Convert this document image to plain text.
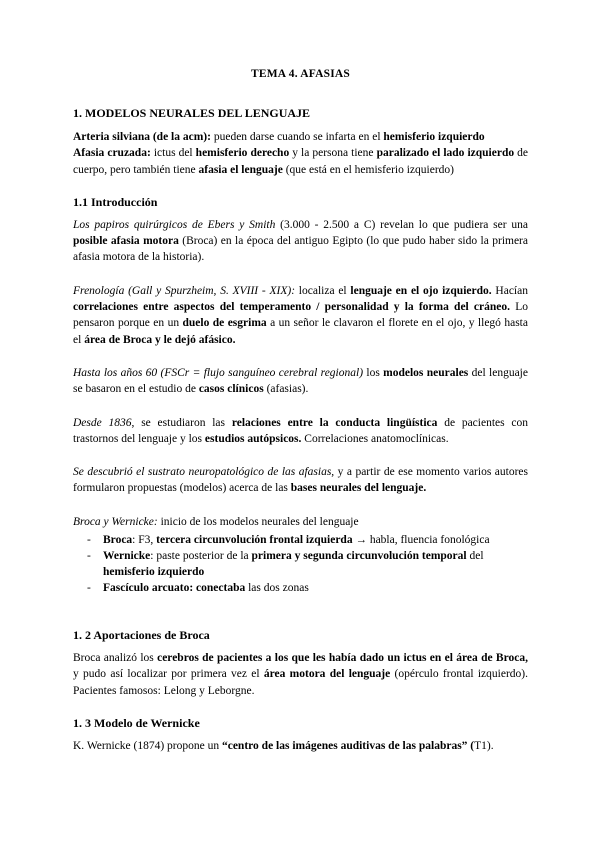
TEMA 4. AFASIAS
1. MODELOS NEURALES DEL LENGUAJE

Arteria silviana (de la acm): pueden darse cuando se infarta en el hemisferio izquierdo

Afasia cruzada: ictus del hemisferio derecho y la persona tiene paralizado el lado izquierdo de cuerpo, pero también tiene afasia el lenguaje (que está en el hemisferio izquierdo)

1.1 Introducción

Los papiros quirúrgicos de Ebers y Smith (3.000 - 2.500 a C) revelan lo que pudiera ser una posible afasia motora (Broca) en la época del antiguo Egipto (lo que pudo haber sido la primera afasia motora de la historia).

Frenología (Gall y Spurzheim, S. XVIII - XIX): localiza el lenguaje en el ojo izquierdo. Hacían correlaciones entre aspectos del temperamento / personalidad y la forma del cráneo. Lo pensaron porque en un duelo de esgrima a un señor le clavaron el florete en el ojo, y llegó hasta el área de Broca y le dejó afásico.

Hasta los años 60 (FSCr = flujo sanguíneo cerebral regional) los modelos neurales del lenguaje se basaron en el estudio de casos clínicos (afasias).

Desde 1836, se estudiaron las relaciones entre la conducta lingüística de pacientes con trastornos del lenguaje y los estudios autópsicos. Correlaciones anatomoclínicas.

Se descubrió el sustrato neuropatológico de las afasias, y a partir de ese momento varios autores formularon propuestas (modelos) acerca de las bases neurales del lenguaje.

Broca y Wernicke: inicio de los modelos neurales del lenguaje

- Broca: F3, tercera circunvolución frontal izquierda → habla, fluencia fonológica
- Wernicke: paste posterior de la primera y segunda circunvolución temporal del hemisferio izquierdo
- Fascículo arcuato: conectaba las dos zonas
1. 2 Aportaciones de Broca

Broca analizó los cerebros de pacientes a los que les había dado un ictus en el área de Broca, y pudo así localizar por primera vez el área motora del lenguaje (opérculo frontal izquierdo). Pacientes famosos: Lelong y Leborgne.

1. 3 Modelo de Wernicke

K. Wernicke (1874) propone un “centro de las imágenes auditivas de las palabras” (T1).
